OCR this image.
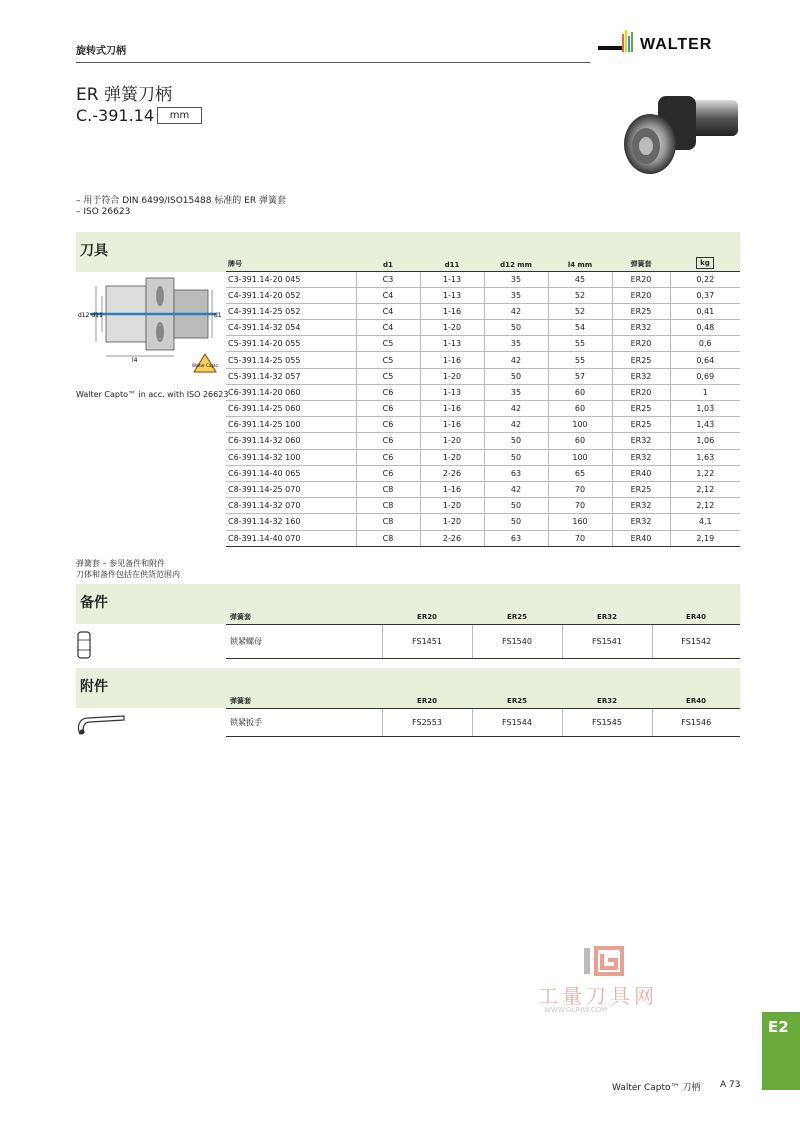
旋转式刀柄	WALTER
ER 弹簧刀柄
C.-391.14	mm
– 用于符合 DIN 6499/ISO15488 标准的 ER 弹簧套
– ISO 26623
刀具
d12 d11	d1
l4
Walter Capto
Walter Capto™ in acc. with ISO 26623
牌号	d1	d11	d12 mm	l4 mm	弹簧套	kg
C3-391.14-20 045	C3	1-13	35	45	ER20	0,22
C4-391.14-20 052	C4	1-13	35	52	ER20	0,37
C4-391.14-25 052	C4	1-16	42	52	ER25	0,41
C4-391.14-32 054	C4	1-20	50	54	ER32	0,48
C5-391.14-20 055	C5	1-13	35	55	ER20	0,6
C5-391.14-25 055	C5	1-16	42	55	ER25	0,64
C5-391.14-32 057	C5	1-20	50	57	ER32	0,69
C6-391.14-20 060	C6	1-13	35	60	ER20	1
C6-391.14-25 060	C6	1-16	42	60	ER25	1,03
C6-391.14-25 100	C6	1-16	42	100	ER25	1,43
C6-391.14-32 060	C6	1-20	50	60	ER32	1,06
C6-391.14-32 100	C6	1-20	50	100	ER32	1,63
C6-391.14-40 065	C6	2-26	63	65	ER40	1,22
C8-391.14-25 070	C8	1-16	42	70	ER25	2,12
C8-391.14-32 070	C8	1-20	50	70	ER32	2,12
C8-391.14-32 160	C8	1-20	50	160	ER32	4,1
C8-391.14-40 070	C8	2-26	63	70	ER40	2,19
弹簧套 – 参见备件和附件
刀体和备件包括在供货范围内
备件
弹簧套	ER20	ER25	ER32	ER40
锁紧螺母	FS1451	FS1540	FS1541	FS1542
附件
弹簧套	ER20	ER25	ER32	ER40
锁紧扳手	FS2553	FS1544	FS1545	FS1546
工量刀具网
WWW.GLRJW.COM
E2
Walter Capto™ 刀柄 A 73
